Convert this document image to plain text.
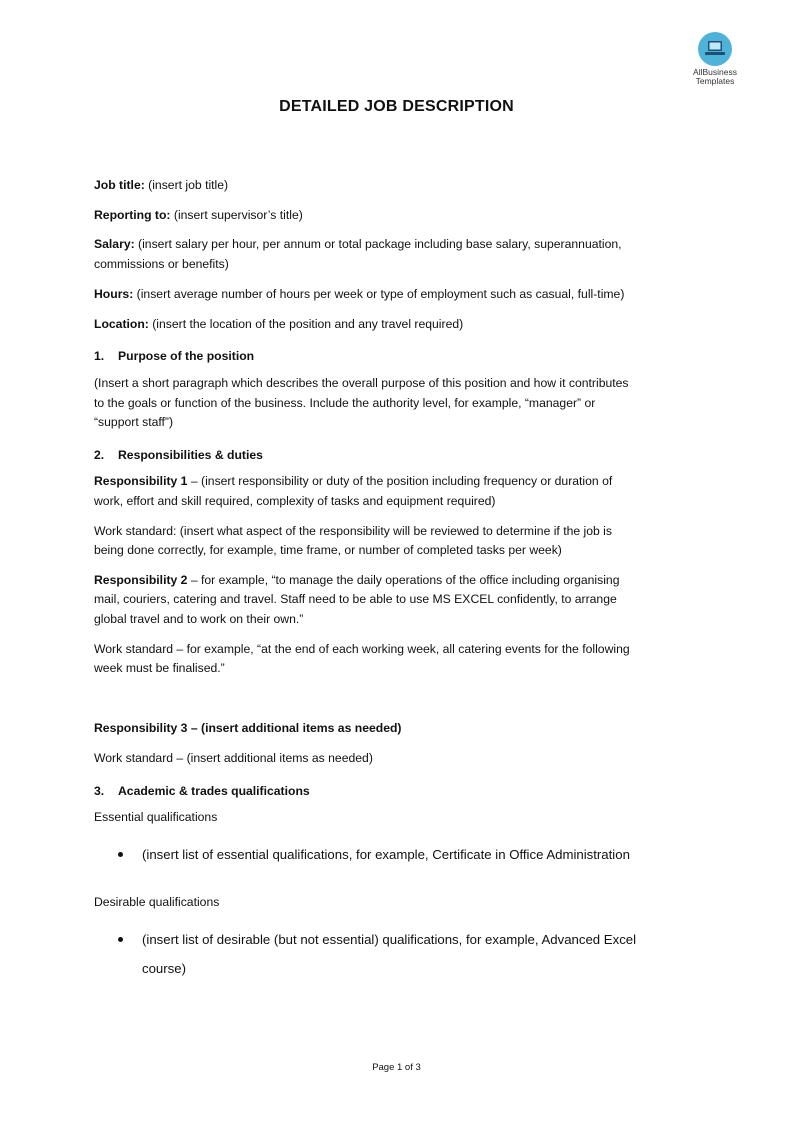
AllBusiness
Templates
DETAILED JOB DESCRIPTION
Job title: (insert job title)
Reporting to: (insert supervisor’s title)
Salary: (insert salary per hour, per annum or total package including base salary, superannuation,
commissions or benefits)
Hours: (insert average number of hours per week or type of employment such as casual, full-time)
Location: (insert the location of the position and any travel required)
1. Purpose of the position
(Insert a short paragraph which describes the overall purpose of this position and how it contributes
to the goals or function of the business. Include the authority level, for example, “manager” or
“support staff”)
2. Responsibilities & duties
Responsibility 1 – (insert responsibility or duty of the position including frequency or duration of
work, effort and skill required, complexity of tasks and equipment required)
Work standard: (insert what aspect of the responsibility will be reviewed to determine if the job is
being done correctly, for example, time frame, or number of completed tasks per week)
Responsibility 2 – for example, “to manage the daily operations of the office including organising
mail, couriers, catering and travel. Staff need to be able to use MS EXCEL confidently, to arrange
global travel and to work on their own.”
Work standard – for example, “at the end of each working week, all catering events for the following
week must be finalised.”
Responsibility 3 – (insert additional items as needed)
Work standard – (insert additional items as needed)
3. Academic & trades qualifications
Essential qualifications
(insert list of essential qualifications, for example, Certificate in Office Administration
Desirable qualifications
(insert list of desirable (but not essential) qualifications, for example, Advanced Excel
course)
Page 1 of 3
